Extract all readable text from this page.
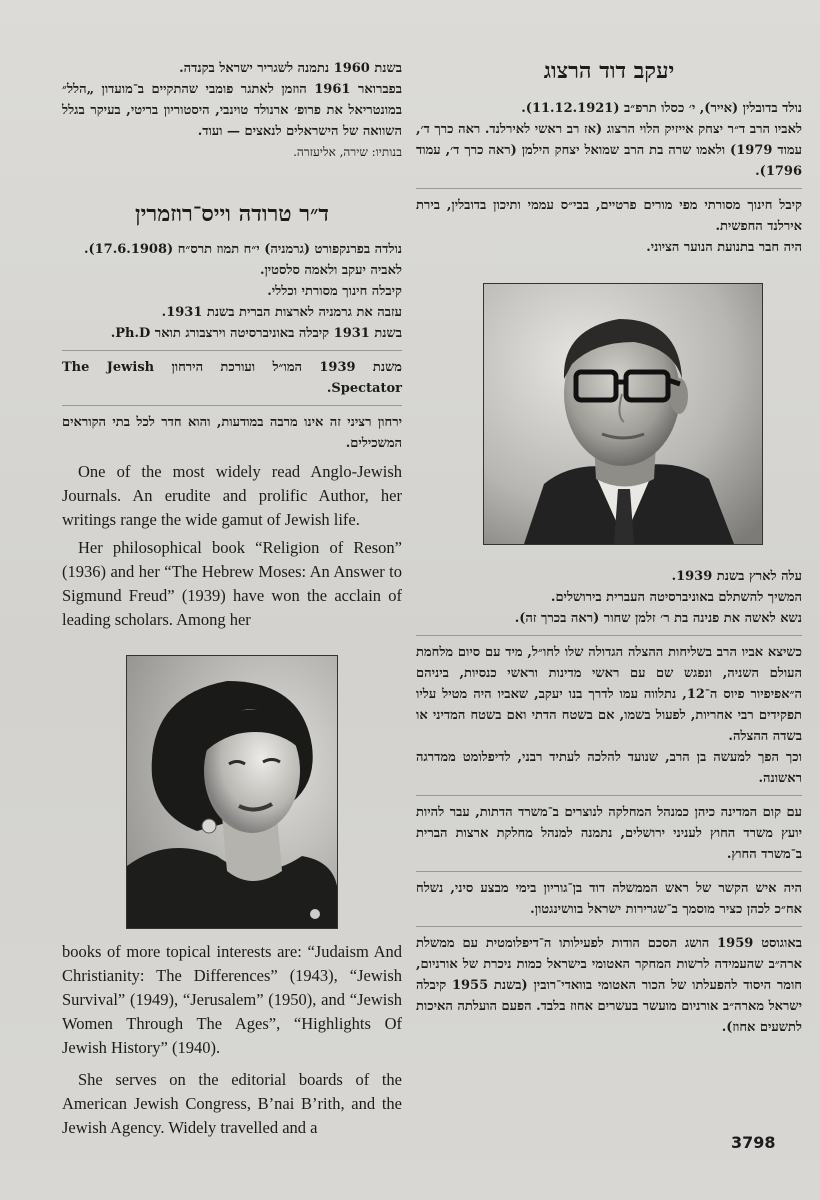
יעקב דוד הרצוג

נולד בדובלין (אייר), י׳ כסלו תרפ״ב (11.12.1921).

לאביו הרב ד״ר יצחק אייזיק הלוי הרצוג (אז רב ראשי לאירלנד. ראה כרך ד׳, עמוד 1979) ולאמו שרה בת הרב שמואל יצחק הילמן (ראה כרך ד׳, עמוד 1796).

קיבל חינוך מסורתי מפי מורים פרטיים, בבי״ס עממי ותיכון בדובלין, בירת אירלנד החפשית.

היה חבר בתנועת הנוער הציוני.

עלה לארץ בשנת 1939.

המשיך להשתלם באוניברסיטה העברית בירושלים.

נשא לאשה את פנינה בת ר׳ זלמן שחור (ראה בכרך זה).

כשיצא אביו הרב בשליחות ההצלה הגדולה שלו לחו״ל, מיד עם סיום מלחמת העולם השניה, ונפגש שם עם ראשי מדינות וראשי כנסיות, ביניהם ה״אפיפיור פיוס ה־12, נתלווה עמו לדרך בנו יעקב, שאביו היה מטיל עליו תפקידים רבי אחריות, לפעול בשמו, אם בשטח הדתי ואם בשטח המדיני או בשדה ההצלה.

וכך הפך למעשה בן הרב, שנועד להלכה לעתיד רבני, לדיפלומט ממדרגה ראשונה.

עם קום המדינה כיהן כמנהל המחלקה לנוצרים ב־משרד הדתות, עבר להיות יועץ משרד החוץ לעניני ירושלים, נתמנה למנהל מחלקת ארצות הברית ב־משרד החוץ.

היה איש הקשר של ראש הממשלה דוד בן־גוריון בימי מבצע סיני, נשלח אח״כ לכהן כציר מוסמך ב־שגרירות ישראל בוושינגטון.

באוגוסט 1959 הושג הסכם הודות לפעילותו ה־דיפלומטית עם ממשלת ארה״ב שהעמידה לרשות המחקר האטומי בישראל כמות ניכרת של אורניום, חומר היסוד להפעלתו של הכור האטומי בוואדי־רובין (בשנת 1955 קיבלה ישראל מארה״ב אורניום מועשר בעשרים אחוז בלבד. הפעם הועלתה האיכות לתשעים אחוז).

בשנת 1960 נתמנה לשגריר ישראל בקנדה.

בפברואר 1961 הוזמן לאתגר פומבי שהתקיים ב־מועדון „הלל״ במונטריאל את פרופ׳ ארנולד טוינבי, היסטוריון בריטי, בעיקר בגלל השוואה של הישראלים לנאצים — ועוד.

בנותיו: שירה, אליעזרה.

ד״ר טרודה וייס־רוזמרין

נולדה בפרנקפורט (גרמניה) י״ח תמוז תרס״ח (17.6.1908).

לאביה יעקב ולאמה סלסטין.

קיבלה חינוך מסורתי וכללי.

עזבה את גרמניה לארצות הברית בשנת 1931.

בשנת 1931 קיבלה באוניברסיטה וירצבורג תואר Ph.D.

משנת 1939 המו״ל ועורכת הירחון The Jewish Spectator.

ירחון רציני זה אינו מרבה במודעות, והוא חדר לכל בתי הקוראים המשכילים.

One of the most widely read Anglo-Jewish Journals. An erudite and prolific Author, her writings range the wide gamut of Jewish life.

Her philosophical book “Religion of Reson” (1936) and her “The Hebrew Moses: An Answer to Sigmund Freud” (1939) have won the acclain of leading scholars. Among her

books of more topical interests are: “Judaism And Christianity: The Differences” (1943), “Jewish Survival” (1949), “Jerusalem” (1950), and “Jewish Women Through The Ages”, “Highlights Of Jewish History” (1940).

She serves on the editorial boards of the American Jewish Congress, B’nai B’rith, and the Jewish Agency. Widely travelled and a

3798
